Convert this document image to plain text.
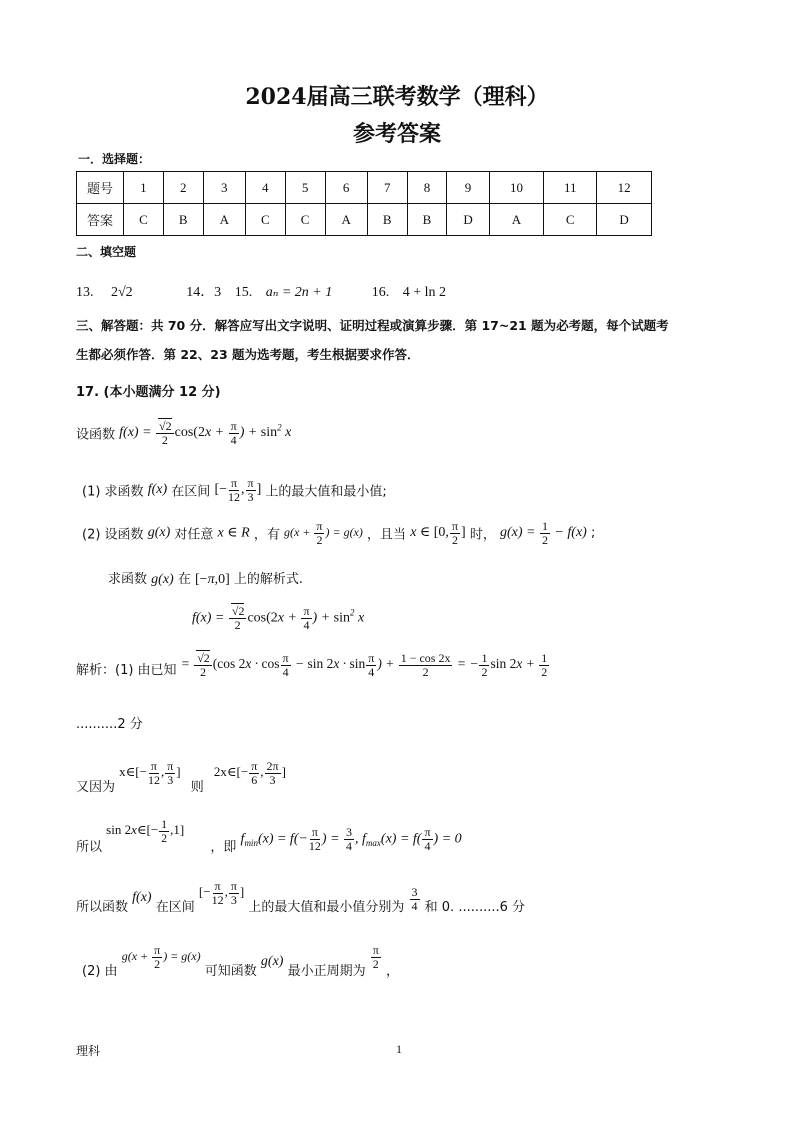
2024届高三联考数学（理科）
参考答案
一．选择题：
题号	1	2	3	4	5	6	7	8	9	10	11	12
答案	C	B	A	C	C	A	B	B	D	A	C	D
二、填空题
13. 2√2	14．3 15. aₙ = 2n + 1	16. 4 + ln 2
三、解答题：共 70 分．解答应写出文字说明、证明过程或演算步骤．第 17~21 题为必考题，每个试题考
生都必须作答．第 22、23 题为选考题，考生根据要求作答．
17. (本小题满分 12 分)
设函数 $f(x) = \frac{√2}{2} \cos(2x + \frac{\pi}{4}$ ) + $\sin^2 x$
(1) 求函数 f(x) 在区间 [− $\frac{\pi}{12}$ , $\frac{\pi}{3}$ ] 上的最大值和最小值;
(2) 设函数 g(x) 对任意 x ∈ R ，有 $g(x + \frac{\pi}{2}$ ) = g(x) ，且当 x ∈ [0, $\frac{\pi}{2}$ ] 时， $g(x) = \frac{1}{2} - f(x)$ ;
求函数 g(x) 在 [−π,0] 上的解析式.
$f(x) = \frac{√2}{2} \cos(2x + \frac{\pi}{4}$ ) + $\sin^2 x$
解析：(1) 由已知 = $\frac{√2}{2} (\cos$ $2x \cdot \cos \frac{\pi}{4} - \sin 2x \cdot \sin \frac{\pi}{4}$ ) + $\frac{1 - \cos 2x}{2}$ = − $\frac{1}{2}$ $\sin 2x + \frac{1}{2}$
..........2 分
又因为 x∈[− $\frac{\pi}{12}$ , $\frac{\pi}{3}$ ] 则 2x∈[− $\frac{\pi}{6}$ , $\frac{2\pi}{3}$ ]
所以 sin 2x∈[− $\frac{1}{2} ,1$] ，即 $f_{min}(x) = f(- \frac{\pi}{12}$ ) = $\frac{3}{4}$ , $f_{max}(x) = f( \frac{\pi}{4}$ ) = 0
所以函数 f(x) 在区间 [− $\frac{\pi}{12}$ , $\frac{\pi}{3}$ ] 上的最大值和最小值分别为 $\frac{3}{4}$ 和 0. ..........6 分
(2) 由 $g(x + \frac{\pi}{2}$ ) = g(x) 可知函数 g(x) 最小正周期为
$\frac{\pi}{2}$
，
理科	1
